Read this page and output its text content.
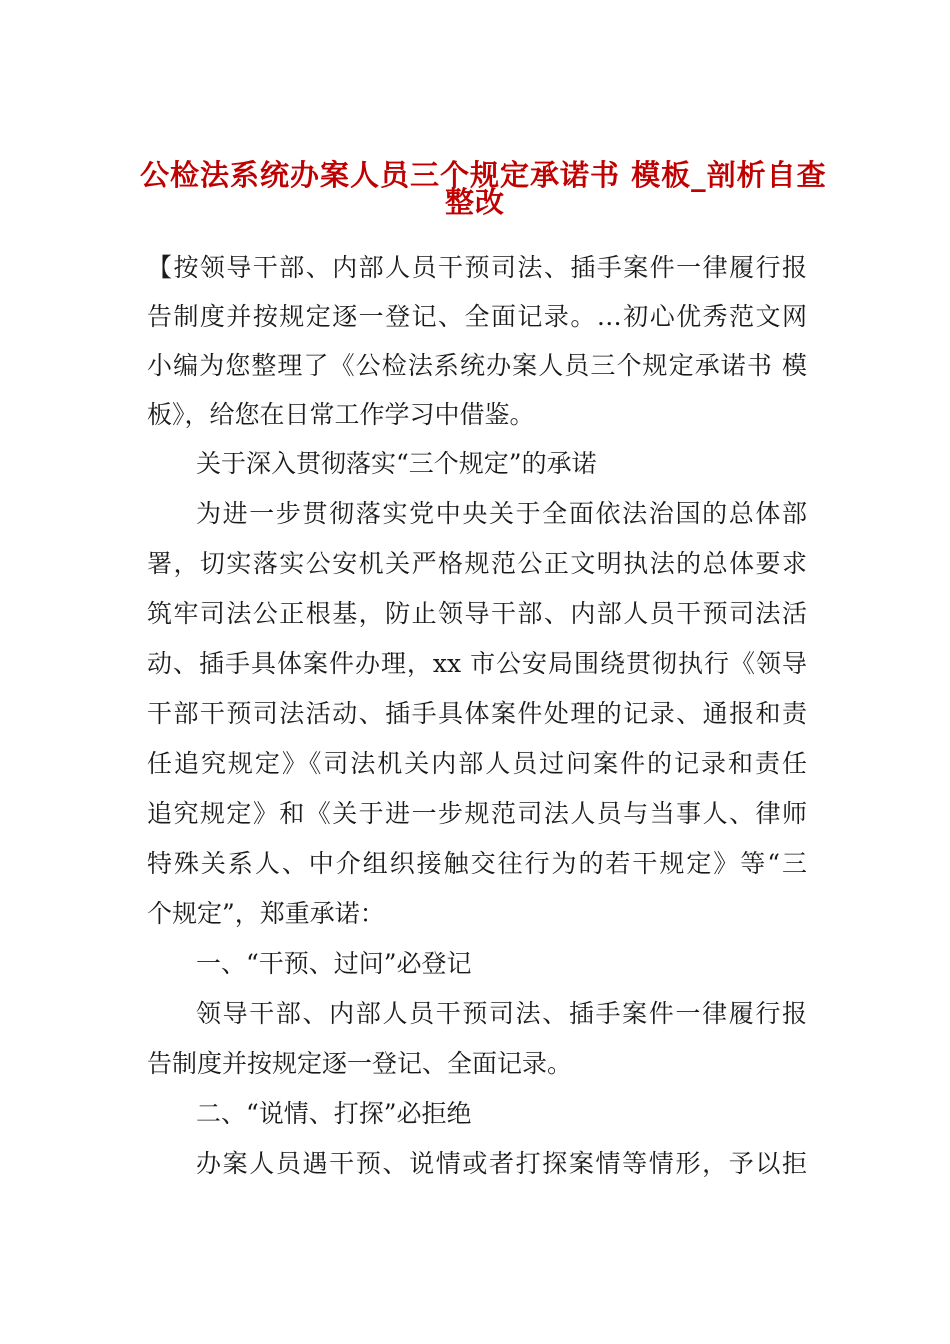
公检法系统办案人员三个规定承诺书 模板_剖析自查
整改
【按领导干部、内部人员干预司法、插手案件一律履行报
告制度并按规定逐一登记、全面记录。…初心优秀范文网
小编为您整理了《公检法系统办案人员三个规定承诺书 模
板》，给您在日常工作学习中借鉴。
关于深入贯彻落实“三个规定”的承诺
为进一步贯彻落实党中央关于全面依法治国的总体部
署，切实落实公安机关严格规范公正文明执法的总体要求
筑牢司法公正根基，防止领导干部、内部人员干预司法活
动、插手具体案件办理，xx 市公安局围绕贯彻执行《领导
干部干预司法活动、插手具体案件处理的记录、通报和责
任追究规定》《司法机关内部人员过问案件的记录和责任
追究规定》和《关于进一步规范司法人员与当事人、律师
特殊关系人、中介组织接触交往行为的若干规定》等“三
个规定”，郑重承诺：
一、“干预、过问”必登记
领导干部、内部人员干预司法、插手案件一律履行报
告制度并按规定逐一登记、全面记录。
二、“说情、打探”必拒绝
办案人员遇干预、说情或者打探案情等情形，予以拒
